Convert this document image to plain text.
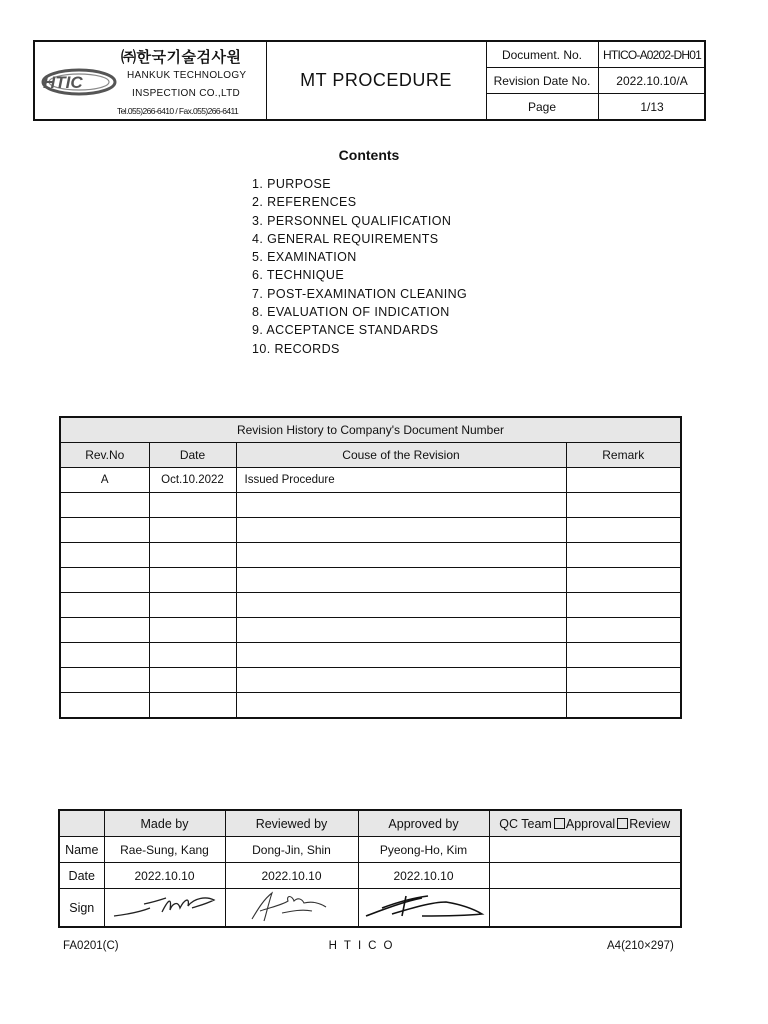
HTIC
㈜한국기술검사원
HANKUK TECHNOLOGY
INSPECTION CO.,LTD
Tel.055)266-6410 / Fax.055)266-6411
MT PROCEDURE
Document. No.	HTICO-A0202-DH01
Revision Date No.	2022.10.10/A
Page	1/13
Contents
1. PURPOSE
2. REFERENCES
3. PERSONNEL QUALIFICATION
4. GENERAL REQUIREMENTS
5. EXAMINATION
6. TECHNIQUE
7. POST-EXAMINATION CLEANING
8. EVALUATION OF INDICATION
9. ACCEPTANCE STANDARDS
10. RECORDS
Revision History to Company's Document Number			
Rev.No	Date	Couse of the Revision	Remark
A	Oct.10.2022	Issued Procedure	

	Made by	Reviewed by	Approved by	QC Team Approval Review
Name	Rae-Sung, Kang	Dong-Jin, Shin	Pyeong-Ho, Kim	
Date	2022.10.10	2022.10.10	2022.10.10	
Sign				
FA0201(C)	HTICO	A4(210×297)
